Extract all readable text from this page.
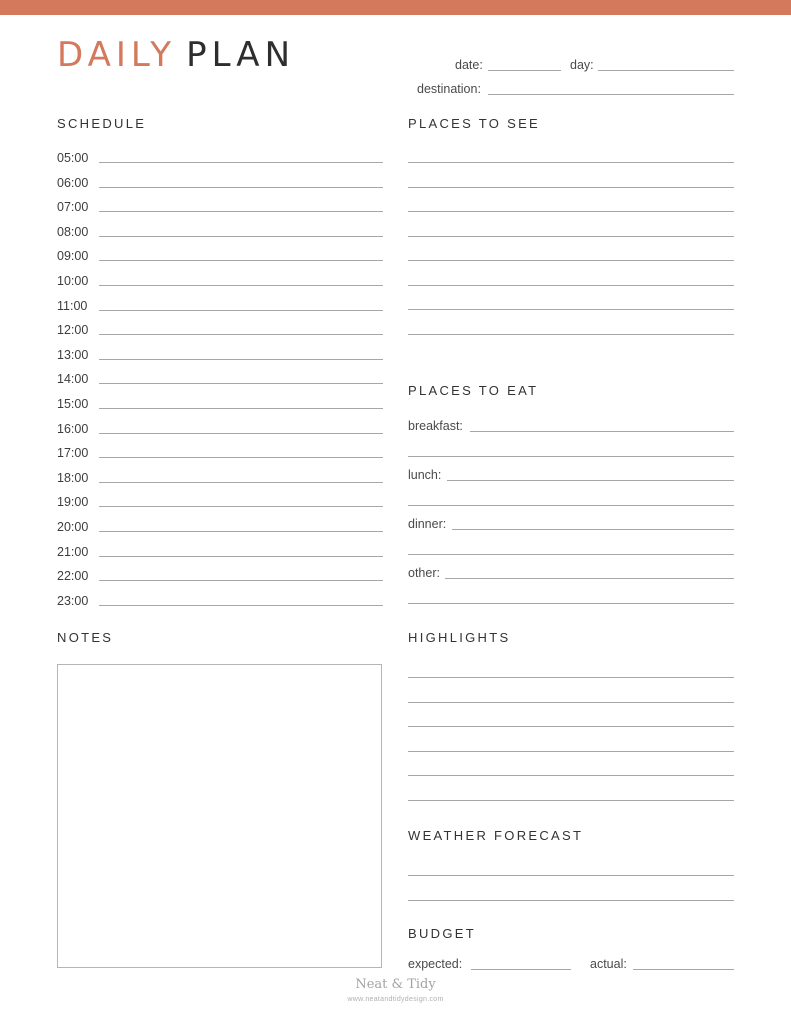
DAILY PLAN	date:	day:
destination:
SCHEDULE
05:00
06:00
07:00
08:00
09:00
10:00
11:00
12:00
13:00
14:00
15:00
16:00
17:00
18:00
19:00
20:00
21:00
22:00
23:00
PLACES TO SEE
PLACES TO EAT
breakfast:
lunch:
dinner:
other:
NOTES	HIGHLIGHTS
WEATHER FORECAST
BUDGET
expected:	actual:
Neat & Tidy
www.neatandtidydesign.com
